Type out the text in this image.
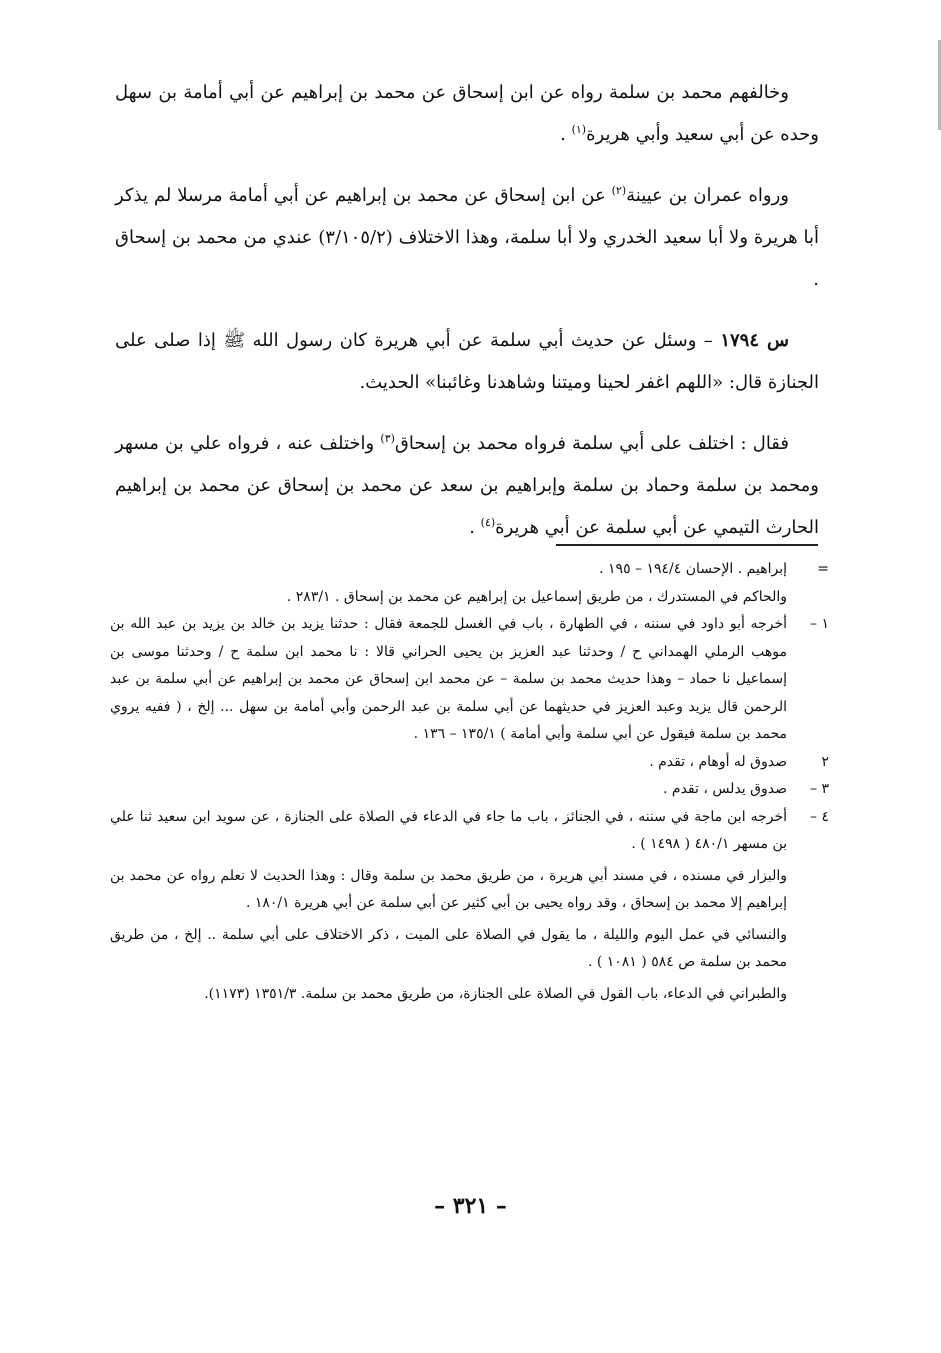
وخالفهم محمد بن سلمة رواه عن ابن إسحاق عن محمد بن إبراهيم عن أبي أمامة بن سهل وحده عن أبي سعيد وأبي هريرة$^{(١)}$ .

ورواه عمران بن عيينة$^{(٢)}$ عن ابن إسحاق عن محمد بن إبراهيم عن أبي أمامة مرسلا لم يذكر أبا هريرة ولا أبا سعيد الخدري ولا أبا سلمة، وهذا الاختلاف (٣/١٠٥/٢) عندي من محمد بن إسحاق .

س ١٧٩٤ – وسئل عن حديث أبي سلمة عن أبي هريرة كان رسول الله ﷺ إذا صلى على الجنازة قال: «اللهم اغفر لحينا وميتنا وشاهدنا وغائبنا» الحديث.

فقال : اختلف على أبي سلمة فرواه محمد بن إسحاق$^{(٣)}$ واختلف عنه ، فرواه علي بن مسهر ومحمد بن سلمة وحماد بن سلمة وإبراهيم بن سعد عن محمد بن إسحاق عن محمد بن إبراهيم الحارث التيمي عن أبي سلمة عن أبي هريرة$^{(٤)}$ .

=
إبراهيم . الإحسان ١٩٤/٤ – ١٩٥ .
والحاكم في المستدرك ، من طريق إسماعيل بن إبراهيم عن محمد بن إسحاق . ٢٨٣/١ .
١ –
أخرجه أبو داود في سننه ، في الطهارة ، باب في الغسل للجمعة فقال : حدثنا يزيد بن خالد بن يزيد بن عبد الله بن موهب الرملي الهمداني ح / وحدثنا عبد العزيز بن يحيى الحراني قالا : نا محمد ابن سلمة ح / وحدثنا موسى بن إسماعيل نا حماد – وهذا حديث محمد بن سلمة – عن محمد ابن إسحاق عن محمد بن إبراهيم عن أبي سلمة بن عبد الرحمن قال يزيد وعبد العزيز في حديثهما عن أبي سلمة بن عبد الرحمن وأبي أمامة بن سهل ... إلخ ، ( ففيه يروي محمد بن سلمة فيقول عن أبي سلمة وأبي أمامة ) ١٣٥/١ – ١٣٦ .
٢
صدوق له أوهام ، تقدم .
٣ –
صدوق يدلس ، تقدم .
٤ –
أخرجه ابن ماجة في سننه ، في الجنائز ، باب ما جاء في الدعاء في الصلاة على الجنازة ، عن سويد ابن سعيد ثنا علي بن مسهر ٤٨٠/١ ( ١٤٩٨ ) .
والبزار في مسنده ، في مسند أبي هريرة ، من طريق محمد بن سلمة وقال : وهذا الحديث لا نعلم رواه عن محمد بن إبراهيم إلا محمد بن إسحاق ، وقد رواه يحيى بن أبي كثير عن أبي سلمة عن أبي هريرة ١٨٠/١ .
والنسائي في عمل اليوم والليلة ، ما يقول في الصلاة على الميت ، ذكر الاختلاف على أبي سلمة .. إلخ ، من طريق محمد بن سلمة ص ٥٨٤ ( ١٠٨١ ) .
والطبراني في الدعاء، باب القول في الصلاة على الجنازة، من طريق محمد بن سلمة. ١٣٥١/٣ (١١٧٣).
– ٣٢١ –
